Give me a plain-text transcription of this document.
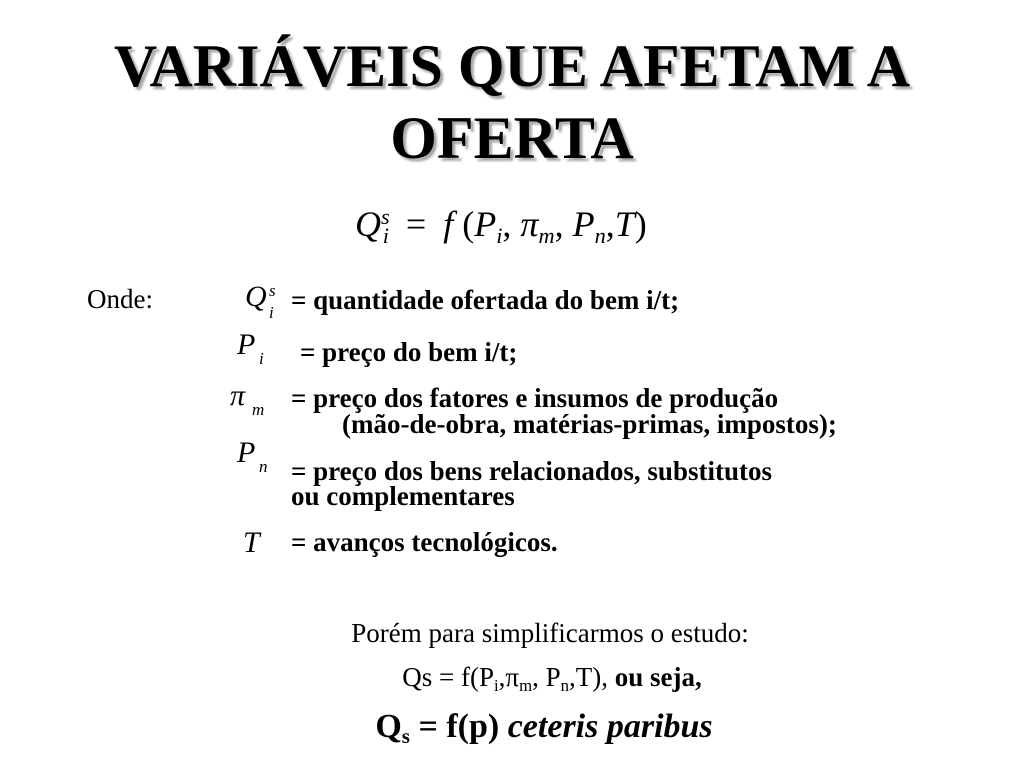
VARIÁVEIS QUE AFETAM A
OFERTA
$Q^s_i = f$ ($P_i$, $\pi_m$, $P_n,T$)
Onde:	Q s
i = quantidade ofertada do bem i/t;
P i = preço do bem i/t;
π m = preço dos fatores e insumos de produção
(mão-de-obra, matérias-primas, impostos);
P n = preço dos bens relacionados, substitutos
ou complementares
T = avanços tecnológicos.
Porém para simplificarmos o estudo:
$Qs = f(P_i,\pi_m$, $P_n,T$), ou seja,
$Q_s = f(p)$ ceteris paribus
